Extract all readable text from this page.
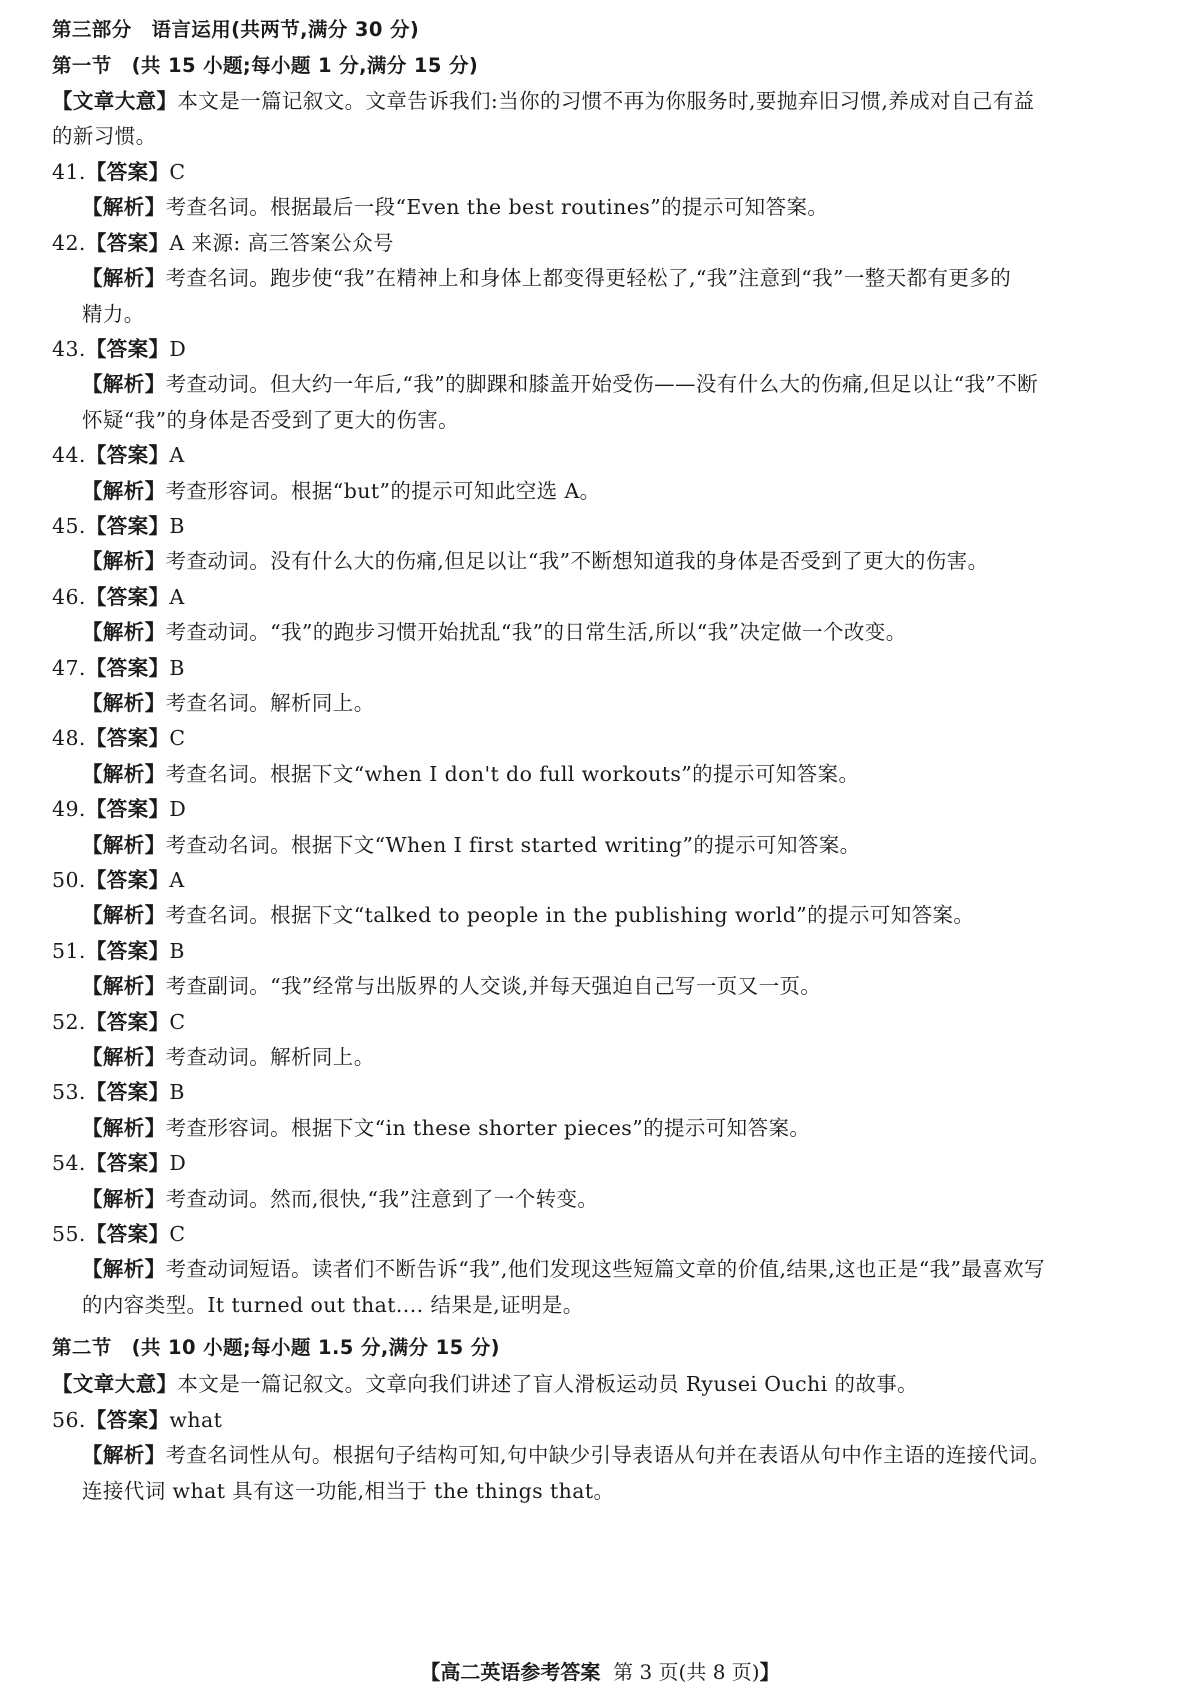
第三部分　语言运用(共两节,满分 30 分)
第一节　(共 15 小题;每小题 1 分,满分 15 分)
【文章大意】本文是一篇记叙文。文章告诉我们:当你的习惯不再为你服务时,要抛弃旧习惯,养成对自己有益
的新习惯。
41.【答案】C
【解析】考查名词。根据最后一段“Even the best routines”的提示可知答案。
42.【答案】A 来源: 高三答案公众号
【解析】考查名词。跑步使“我”在精神上和身体上都变得更轻松了,“我”注意到“我”一整天都有更多的
精力。
43.【答案】D
【解析】考查动词。但大约一年后,“我”的脚踝和膝盖开始受伤——没有什么大的伤痛,但足以让“我”不断
怀疑“我”的身体是否受到了更大的伤害。
44.【答案】A
【解析】考查形容词。根据“but”的提示可知此空选 A。
45.【答案】B
【解析】考查动词。没有什么大的伤痛,但足以让“我”不断想知道我的身体是否受到了更大的伤害。
46.【答案】A
【解析】考查动词。“我”的跑步习惯开始扰乱“我”的日常生活,所以“我”决定做一个改变。
47.【答案】B
【解析】考查名词。解析同上。
48.【答案】C
【解析】考查名词。根据下文“when I don't do full workouts”的提示可知答案。
49.【答案】D
【解析】考查动名词。根据下文“When I first started writing”的提示可知答案。
50.【答案】A
【解析】考查名词。根据下文“talked to people in the publishing world”的提示可知答案。
51.【答案】B
【解析】考查副词。“我”经常与出版界的人交谈,并每天强迫自己写一页又一页。
52.【答案】C
【解析】考查动词。解析同上。
53.【答案】B
【解析】考查形容词。根据下文“in these shorter pieces”的提示可知答案。
54.【答案】D
【解析】考查动词。然而,很快,“我”注意到了一个转变。
55.【答案】C
【解析】考查动词短语。读者们不断告诉“我”,他们发现这些短篇文章的价值,结果,这也正是“我”最喜欢写
的内容类型。It turned out that.... 结果是,证明是。
第二节　(共 10 小题;每小题 1.5 分,满分 15 分)
【文章大意】本文是一篇记叙文。文章向我们讲述了盲人滑板运动员 Ryusei Ouchi 的故事。
56.【答案】what
【解析】考查名词性从句。根据句子结构可知,句中缺少引导表语从句并在表语从句中作主语的连接代词。
连接代词 what 具有这一功能,相当于 the things that。
【高二英语参考答案 第 3 页(共 8 页)】
